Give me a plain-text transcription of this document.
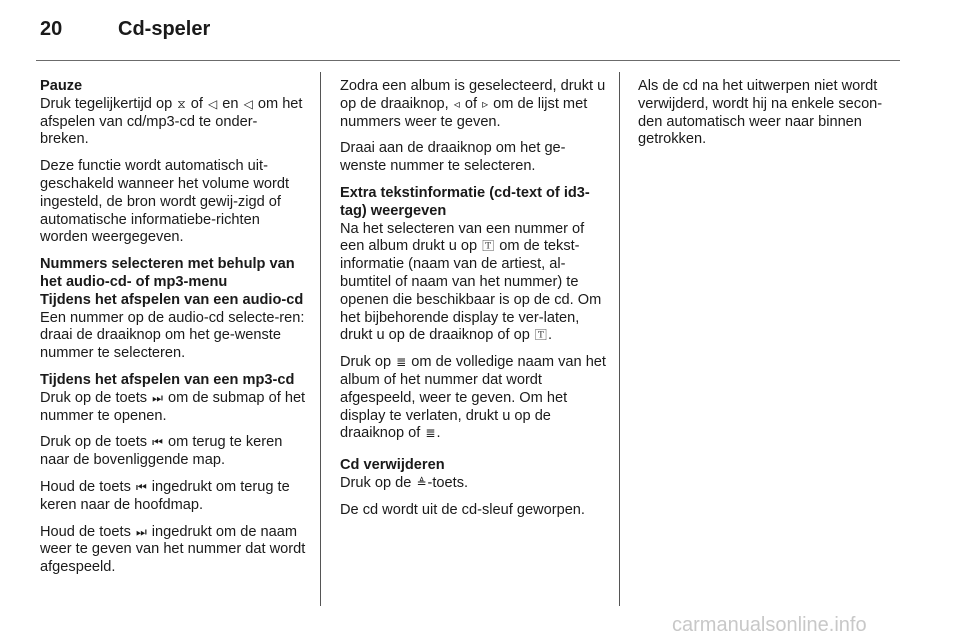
20	Cd-speler

Pauze

Druk tegelijkertijd op ⧖ of ◁ en ◁ om het afspelen van cd/mp3-cd te onder-breken.

Deze functie wordt automatisch uit-geschakeld wanneer het volume wordt ingesteld, de bron wordt gewij-zigd of automatische informatiebe-richten worden weergegeven.

Nummers selecteren met behulp van het audio-cd- of mp3-menu

Tijdens het afspelen van een audio-cd

Een nummer op de audio-cd selecte-ren: draai de draaiknop om het ge-wenste nummer te selecteren.

Tijdens het afspelen van een mp3-cd

Druk op de toets ⏭ om de submap of het nummer te openen.

Druk op de toets ⏮ om terug te keren naar de bovenliggende map.

Houd de toets ⏮ ingedrukt om terug te keren naar de hoofdmap.

Houd de toets ⏭ ingedrukt om de naam weer te geven van het nummer dat wordt afgespeeld.

Zodra een album is geselecteerd, drukt u op de draaiknop, ◃ of ▹ om de lijst met nummers weer te geven.

Draai aan de draaiknop om het ge-wenste nummer te selecteren.

Extra tekstinformatie (cd-text of id3-tag) weergeven

Na het selecteren van een nummer of een album drukt u op 🅃 om de tekst-informatie (naam van de artiest, al-bumtitel of naam van het nummer) te openen die beschikbaar is op de cd. Om het bijbehorende display te ver-laten, drukt u op de draaiknop of op 🅃.

Druk op ≣ om de volledige naam van het album of het nummer dat wordt afgespeeld, weer te geven. Om het display te verlaten, drukt u op de draaiknop of ≣.

Cd verwijderen

Druk op de ≜-toets.

De cd wordt uit de cd-sleuf geworpen.

Als de cd na het uitwerpen niet wordt verwijderd, wordt hij na enkele secon-den automatisch weer naar binnen getrokken.

carmanualsonline.info
